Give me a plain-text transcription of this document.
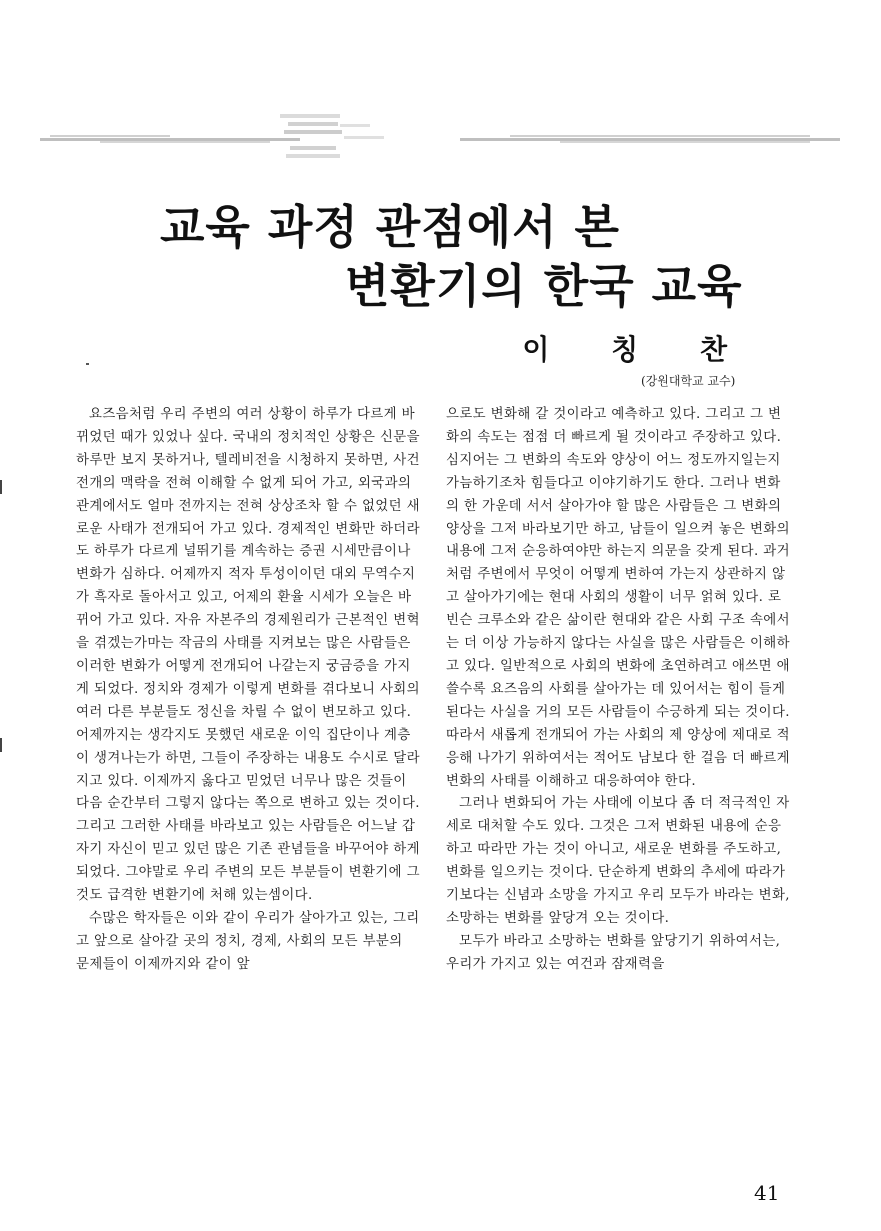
교육 과정 관점에서 본
변환기의 한국 교육
이 칭 찬
(강원대학교 교수)

요즈음처럼 우리 주변의 여러 상황이 하루가 다르게 바뀌었던 때가 있었나 싶다. 국내의 정치적인 상황은 신문을 하루만 보지 못하거나, 텔레비전을 시청하지 못하면, 사건 전개의 맥락을 전혀 이해할 수 없게 되어 가고, 외국과의 관계에서도 얼마 전까지는 전혀 상상조차 할 수 없었던 새로운 사태가 전개되어 가고 있다. 경제적인 변화만 하더라도 하루가 다르게 널뛰기를 계속하는 증권 시세만큼이나 변화가 심하다. 어제까지 적자 투성이이던 대외 무역수지가 흑자로 돌아서고 있고, 어제의 환율 시세가 오늘은 바뀌어 가고 있다. 자유 자본주의 경제원리가 근본적인 변혁을 겪겠는가마는 작금의 사태를 지켜보는 많은 사람들은 이러한 변화가 어떻게 전개되어 나갈는지 궁금증을 가지게 되었다. 정치와 경제가 이렇게 변화를 겪다보니 사회의 여러 다른 부분들도 정신을 차릴 수 없이 변모하고 있다. 어제까지는 생각지도 못했던 새로운 이익 집단이나 계층이 생겨나는가 하면, 그들이 주장하는 내용도 수시로 달라지고 있다. 이제까지 옳다고 믿었던 너무나 많은 것들이 다음 순간부터 그렇지 않다는 쪽으로 변하고 있는 것이다. 그리고 그러한 사태를 바라보고 있는 사람들은 어느날 갑자기 자신이 믿고 있던 많은 기존 관념들을 바꾸어야 하게 되었다. 그야말로 우리 주변의 모든 부분들이 변환기에 그것도 급격한 변환기에 처해 있는셈이다.

수많은 학자들은 이와 같이 우리가 살아가고 있는, 그리고 앞으로 살아갈 곳의 정치, 경제, 사회의 모든 부분의 문제들이 이제까지와 같이 앞

으로도 변화해 갈 것이라고 예측하고 있다. 그리고 그 변화의 속도는 점점 더 빠르게 될 것이라고 주장하고 있다. 심지어는 그 변화의 속도와 양상이 어느 정도까지일는지 가늠하기조차 힘들다고 이야기하기도 한다. 그러나 변화의 한 가운데 서서 살아가야 할 많은 사람들은 그 변화의 양상을 그저 바라보기만 하고, 남들이 일으켜 놓은 변화의 내용에 그저 순응하여야만 하는지 의문을 갖게 된다. 과거처럼 주변에서 무엇이 어떻게 변하여 가는지 상관하지 않고 살아가기에는 현대 사회의 생활이 너무 얽혀 있다. 로빈슨 크루소와 같은 삶이란 현대와 같은 사회 구조 속에서는 더 이상 가능하지 않다는 사실을 많은 사람들은 이해하고 있다. 일반적으로 사회의 변화에 초연하려고 애쓰면 애쓸수록 요즈음의 사회를 살아가는 데 있어서는 힘이 들게 된다는 사실을 거의 모든 사람들이 수긍하게 되는 것이다. 따라서 새롭게 전개되어 가는 사회의 제 양상에 제대로 적응해 나가기 위하여서는 적어도 남보다 한 걸음 더 빠르게 변화의 사태를 이해하고 대응하여야 한다.

그러나 변화되어 가는 사태에 이보다 좀 더 적극적인 자세로 대처할 수도 있다. 그것은 그저 변화된 내용에 순응하고 따라만 가는 것이 아니고, 새로운 변화를 주도하고, 변화를 일으키는 것이다. 단순하게 변화의 추세에 따라가기보다는 신념과 소망을 가지고 우리 모두가 바라는 변화, 소망하는 변화를 앞당겨 오는 것이다.

모두가 바라고 소망하는 변화를 앞당기기 위하여서는, 우리가 가지고 있는 여건과 잠재력을

41
